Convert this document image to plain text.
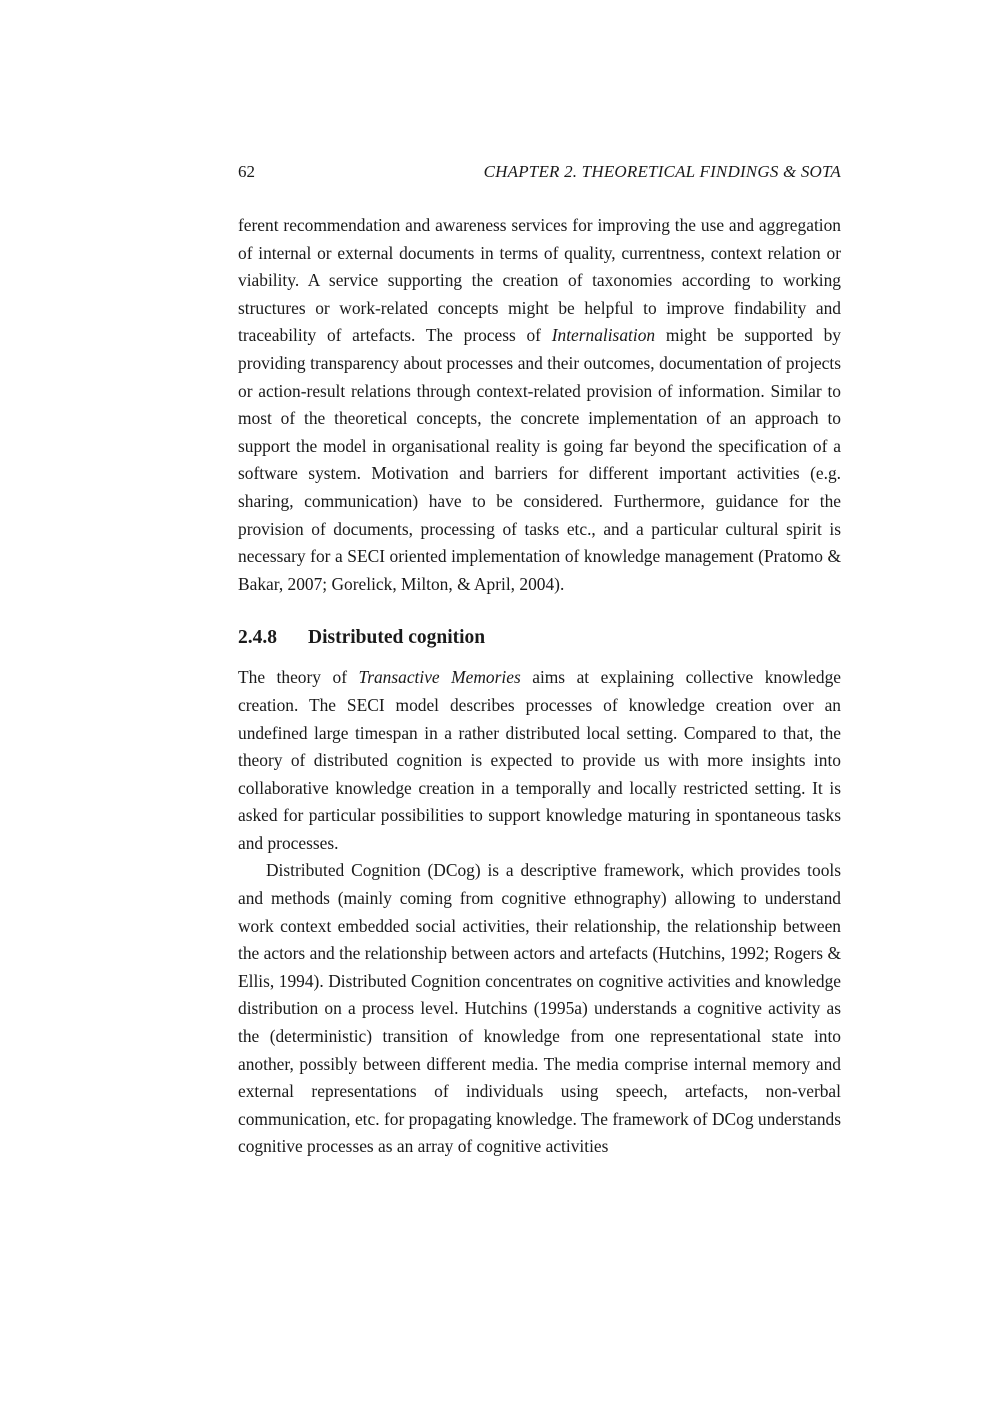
62	CHAPTER 2. THEORETICAL FINDINGS & SOTA

ferent recommendation and awareness services for improving the use and aggregation of internal or external documents in terms of quality, currentness, context relation or viability. A service supporting the creation of taxonomies according to working structures or work-related concepts might be helpful to improve findability and traceability of artefacts. The process of Internalisation might be supported by providing transparency about processes and their outcomes, documentation of projects or action-result relations through context-related provision of information. Similar to most of the theoretical concepts, the concrete implementation of an approach to support the model in organisational reality is going far beyond the specification of a software system. Motivation and barriers for different important activities (e.g. sharing, communication) have to be considered. Furthermore, guidance for the provision of documents, processing of tasks etc., and a particular cultural spirit is necessary for a SECI oriented implementation of knowledge management (Pratomo & Bakar, 2007; Gorelick, Milton, & April, 2004).

2.4.8 Distributed cognition

The theory of Transactive Memories aims at explaining collective knowledge creation. The SECI model describes processes of knowledge creation over an undefined large timespan in a rather distributed local setting. Compared to that, the theory of distributed cognition is expected to provide us with more insights into collaborative knowledge creation in a temporally and locally restricted setting. It is asked for particular possibilities to support knowledge maturing in spontaneous tasks and processes.

Distributed Cognition (DCog) is a descriptive framework, which provides tools and methods (mainly coming from cognitive ethnography) allowing to understand work context embedded social activities, their relationship, the relationship between the actors and the relationship between actors and artefacts (Hutchins, 1992; Rogers & Ellis, 1994). Distributed Cognition concentrates on cognitive activities and knowledge distribution on a process level. Hutchins (1995a) understands a cognitive activity as the (deterministic) transition of knowledge from one representational state into another, possibly between different media. The media comprise internal memory and external representations of individuals using speech, artefacts, non-verbal communication, etc. for propagating knowledge. The framework of DCog understands cognitive processes as an array of cognitive activities
